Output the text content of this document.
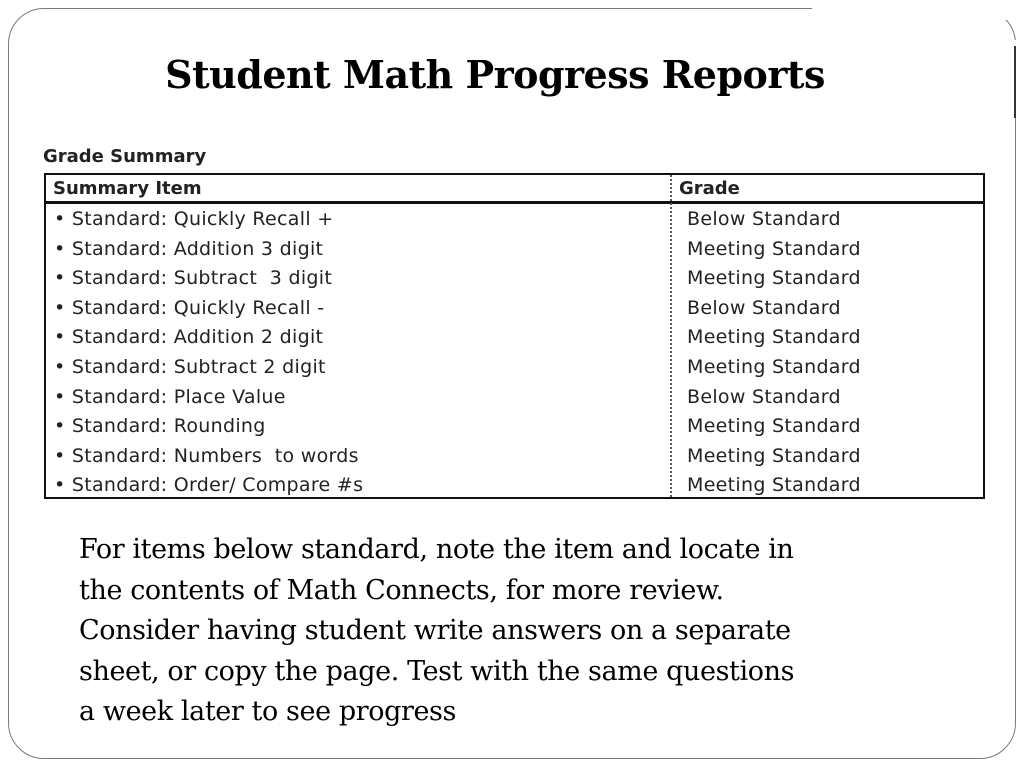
Student Math Progress Reports
Grade Summary
Summary Item	Grade
• Standard: Quickly Recall +	Below Standard
• Standard: Addition 3 digit	Meeting Standard
• Standard: Subtract  3 digit	Meeting Standard
• Standard: Quickly Recall -	Below Standard
• Standard: Addition 2 digit	Meeting Standard
• Standard: Subtract 2 digit	Meeting Standard
• Standard: Place Value	Below Standard
• Standard: Rounding	Meeting Standard
• Standard: Numbers  to words	Meeting Standard
• Standard: Order/ Compare #s	Meeting Standard
For items below standard, note the item and locate in
the contents of Math Connects, for more review.
Consider having student write answers on a separate
sheet, or copy the page. Test with the same questions
a week later to see progress
